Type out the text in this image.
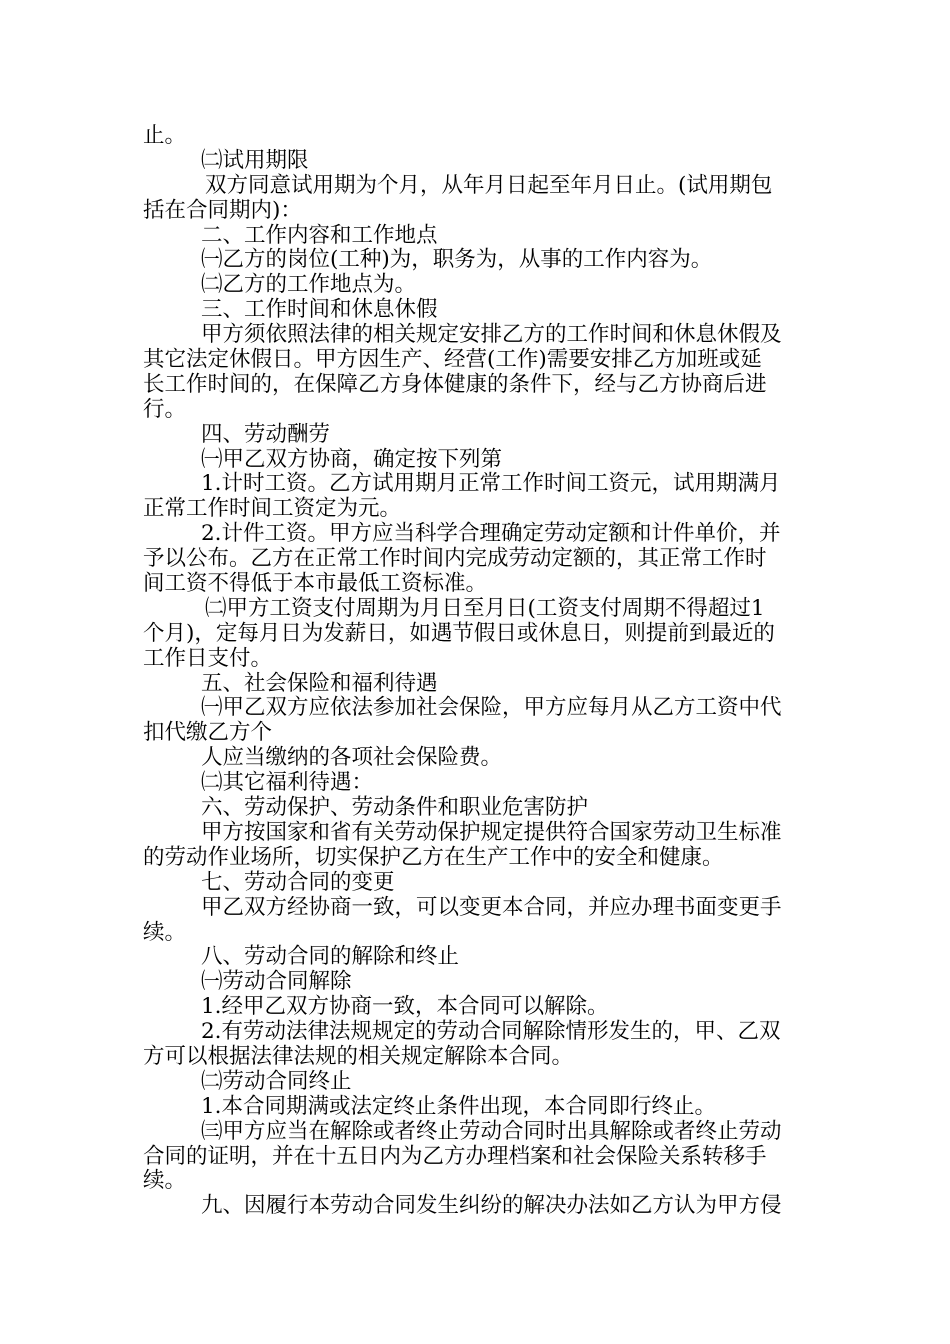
止。
㈡试用期限
双方同意试用期为个月，从年月日起至年月日止。(试用期包
括在合同期内)：
二、工作内容和工作地点
㈠乙方的岗位(工种)为，职务为，从事的工作内容为。
㈡乙方的工作地点为。
三、工作时间和休息休假
甲方须依照法律的相关规定安排乙方的工作时间和休息休假及
其它法定休假日。甲方因生产、经营(工作)需要安排乙方加班或延
长工作时间的，在保障乙方身体健康的条件下，经与乙方协商后进
行。
四、劳动酬劳
㈠甲乙双方协商，确定按下列第
1.计时工资。乙方试用期月正常工作时间工资元，试用期满月
正常工作时间工资定为元。
2.计件工资。甲方应当科学合理确定劳动定额和计件单价，并
予以公布。乙方在正常工作时间内完成劳动定额的，其正常工作时
间工资不得低于本市最低工资标准。
㈡甲方工资支付周期为月日至月日(工资支付周期不得超过1
个月)，定每月日为发薪日，如遇节假日或休息日，则提前到最近的
工作日支付。
五、社会保险和福利待遇
㈠甲乙双方应依法参加社会保险，甲方应每月从乙方工资中代
扣代缴乙方个
人应当缴纳的各项社会保险费。
㈡其它福利待遇：
六、劳动保护、劳动条件和职业危害防护
甲方按国家和省有关劳动保护规定提供符合国家劳动卫生标准
的劳动作业场所，切实保护乙方在生产工作中的安全和健康。
七、劳动合同的变更
甲乙双方经协商一致，可以变更本合同，并应办理书面变更手
续。
八、劳动合同的解除和终止
㈠劳动合同解除
1.经甲乙双方协商一致，本合同可以解除。
2.有劳动法律法规规定的劳动合同解除情形发生的，甲、乙双
方可以根据法律法规的相关规定解除本合同。
㈡劳动合同终止
1.本合同期满或法定终止条件出现，本合同即行终止。
㈢甲方应当在解除或者终止劳动合同时出具解除或者终止劳动
合同的证明，并在十五日内为乙方办理档案和社会保险关系转移手
续。
九、因履行本劳动合同发生纠纷的解决办法如乙方认为甲方侵
